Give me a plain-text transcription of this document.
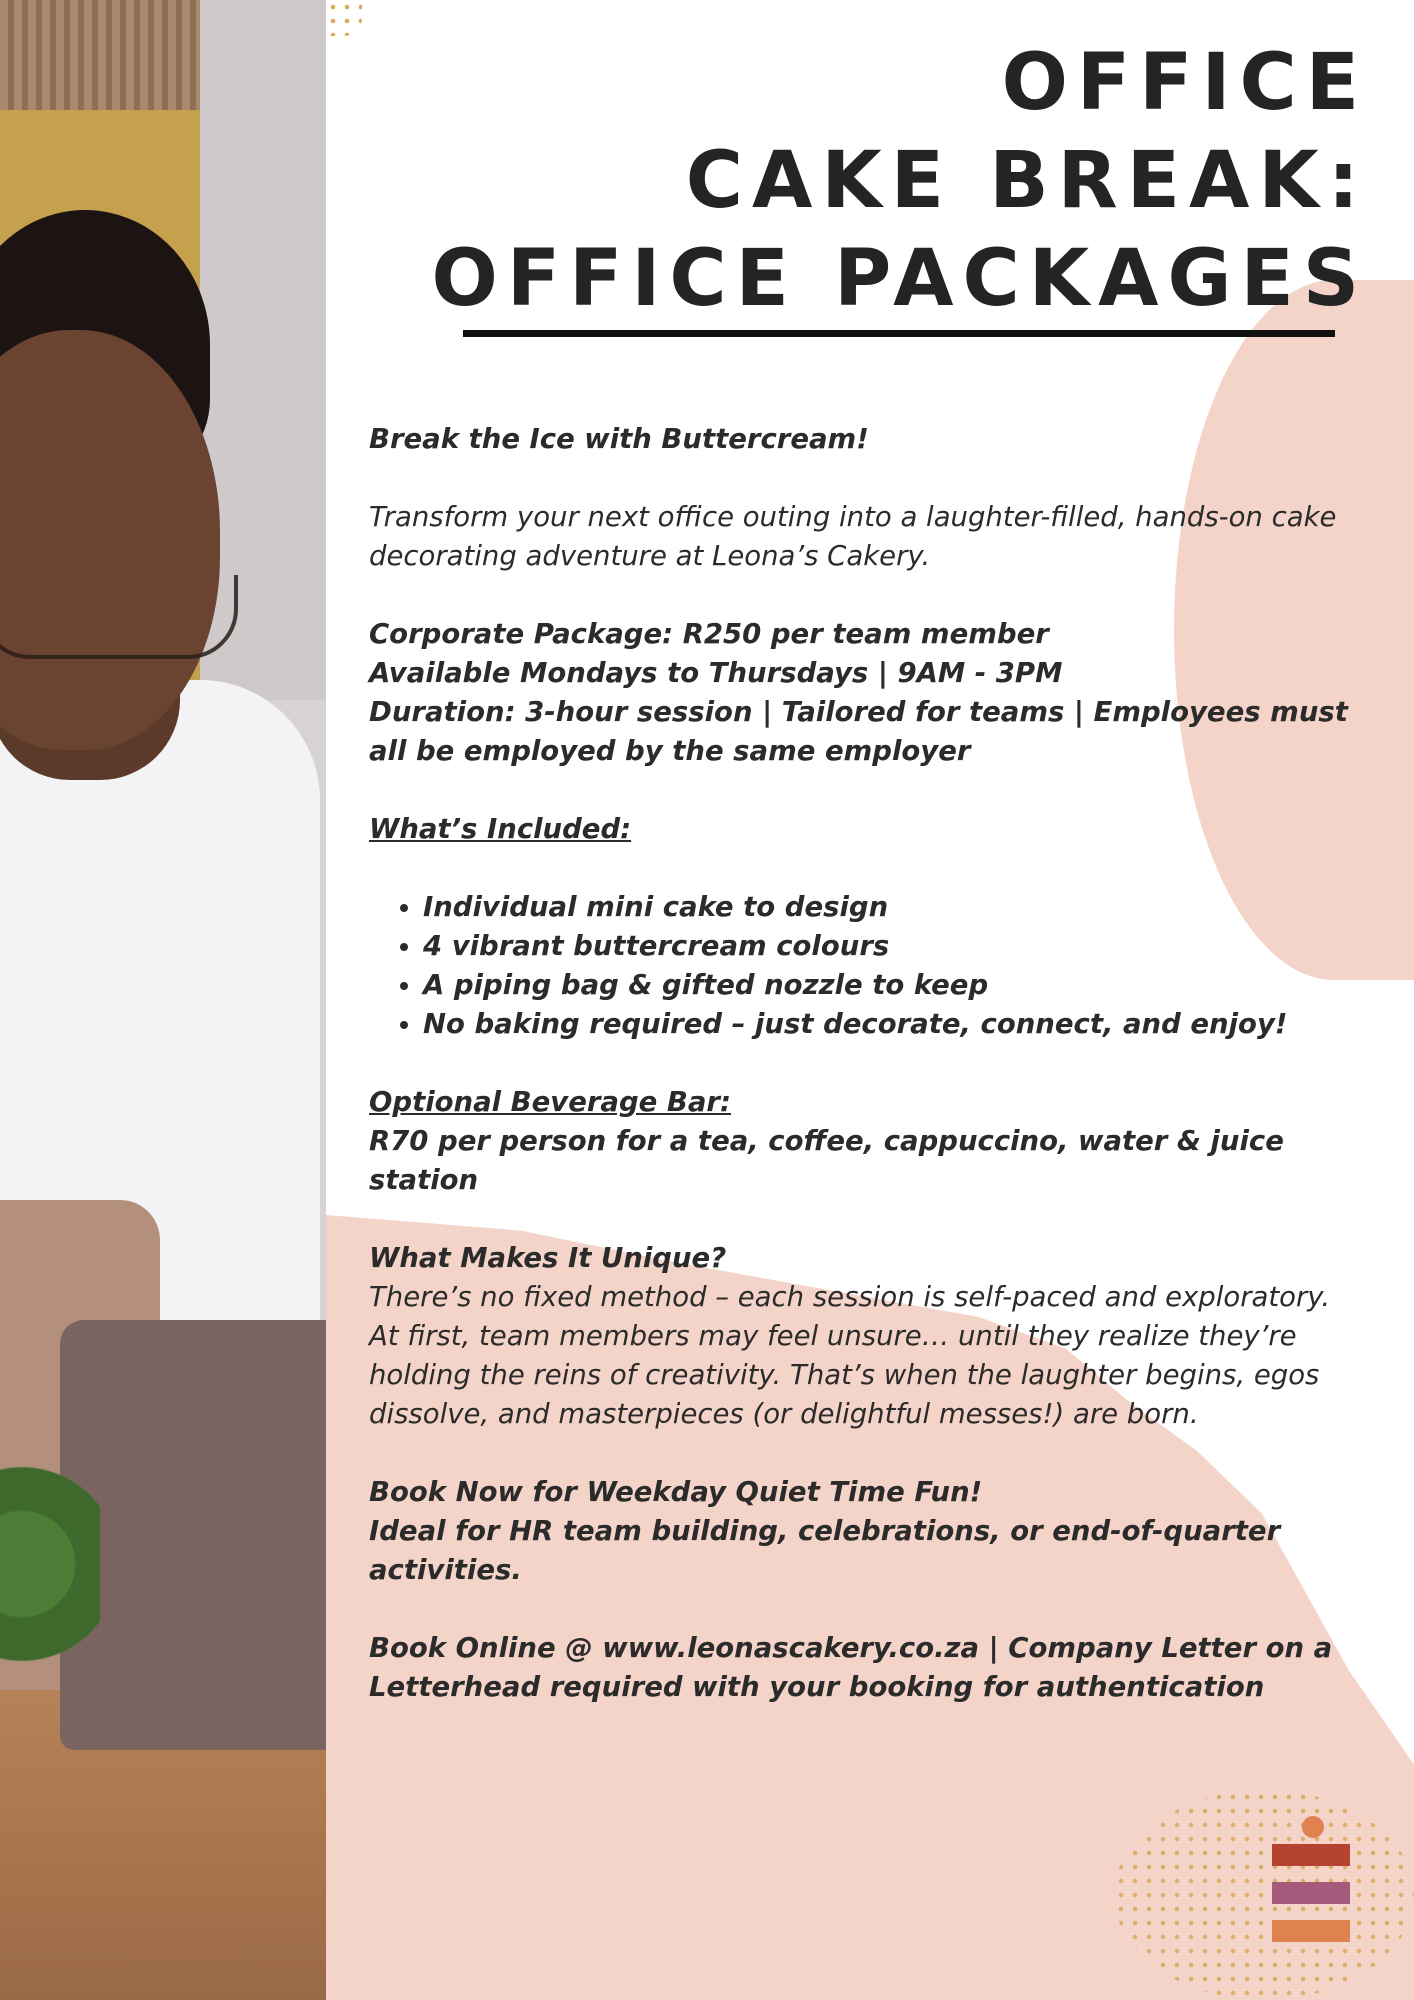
OFFICE
CAKE BREAK:
OFFICE PACKAGES

Break the Ice with Buttercream!

Transform your next office outing into a laughter-filled, hands-on cake decorating adventure at Leona’s Cakery.

Corporate Package: R250 per team member
Available Mondays to Thursdays | 9AM - 3PM
Duration: 3-hour session | Tailored for teams | Employees must all be employed by the same employer

What’s Included:

• Individual mini cake to design
• 4 vibrant buttercream colours
• A piping bag & gifted nozzle to keep
• No baking required – just decorate, connect, and enjoy!

Optional Beverage Bar:
R70 per person for a tea, coffee, cappuccino, water & juice station

What Makes It Unique?
There’s no fixed method – each session is self-paced and exploratory. At first, team members may feel unsure… until they realize they’re holding the reins of creativity. That’s when the laughter begins, egos dissolve, and masterpieces (or delightful messes!) are born.

Book Now for Weekday Quiet Time Fun!
Ideal for HR team building, celebrations, or end-of-quarter activities.

Book Online @ www.leonascakery.co.za | Company Letter on a Letterhead required with your booking for authentication
